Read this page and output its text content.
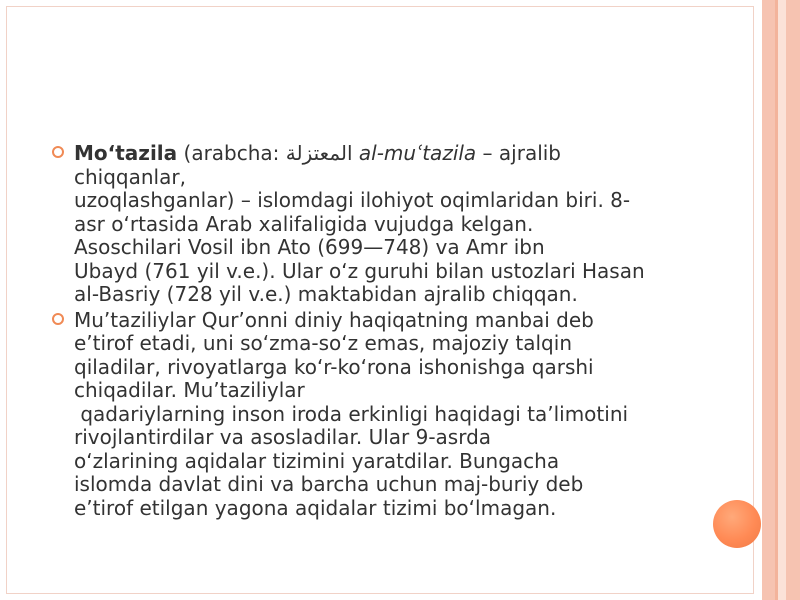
Mo‘tazila (arabcha: المعتزلة al-muʿtazila – ajralib
chiqqanlar,
uzoqlashganlar) – islomdagi ilohiyot oqimlaridan biri. 8-
asr o‘rtasida Arab xalifaligida vujudga kelgan.
Asoschilari Vosil ibn Ato (699—748) va Amr ibn
Ubayd (761 yil v.e.). Ular o‘z guruhi bilan ustozlari Hasan
al-Basriy (728 yil v.e.) maktabidan ajralib chiqqan.
Mu’taziliylar Qur’onni diniy haqiqatning manbai deb
e’tirof etadi, uni so‘zma-so‘z emas, majoziy talqin
qiladilar, rivoyatlarga ko‘r-ko‘rona ishonishga qarshi
chiqadilar. Mu’taziliylar
qadariylarning inson iroda erkinligi haqidagi ta’limotini
rivojlantirdilar va asosladilar. Ular 9-asrda
o‘zlarining aqidalar tizimini yaratdilar. Bungacha
islomda davlat dini va barcha uchun maj-buriy deb
e’tirof etilgan yagona aqidalar tizimi bo‘lmagan.
